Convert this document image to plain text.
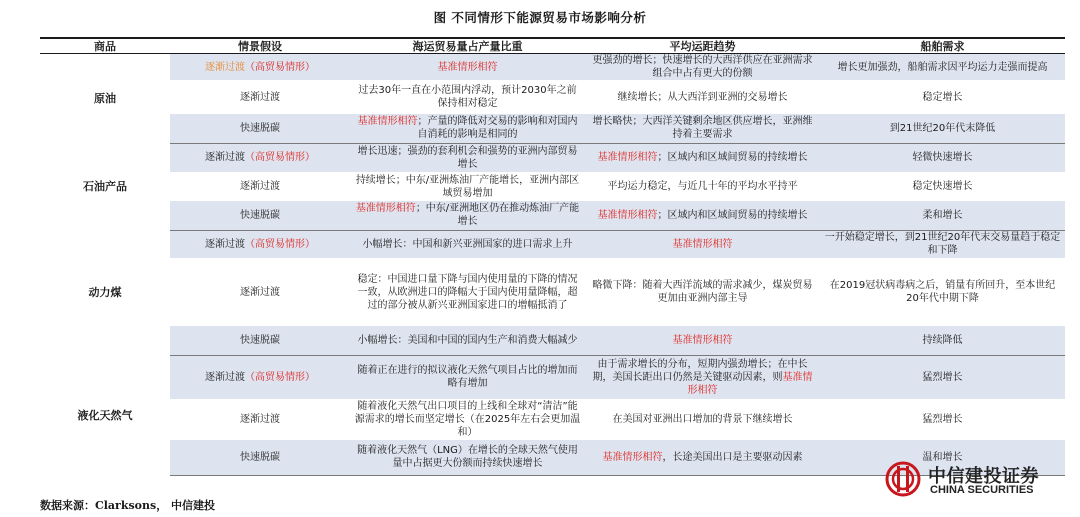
图 不同情形下能源贸易市场影响分析
商品	情景假设	海运贸易量占产量比重	平均运距趋势	船舶需求
原油	逐渐过渡（高贸易情形）	基准情形相符	更强劲的增长；快速增长的大西洋供应在亚洲需求组合中占有更大的份额	增长更加强劲，船舶需求因平均运力走强而提高
	逐渐过渡	过去30年一直在小范围内浮动，预计2030年之前保持相对稳定	继续增长；从大西洋到亚洲的交易增长	稳定增长
	快速脱碳	基准情形相符；产量的降低对交易的影响和对国内自消耗的影响是相同的	增长略快；大西洋关键剩余地区供应增长，亚洲维持着主要需求	到21世纪20年代末降低
石油产品	逐渐过渡（高贸易情形）	增长迅速；强劲的套利机会和强势的亚洲内部贸易增长	基准情形相符；区域内和区域间贸易的持续增长	轻微快速增长
	逐渐过渡	持续增长；中东/亚洲炼油厂产能增长，亚洲内部区域贸易增加	平均运力稳定，与近几十年的平均水平持平	稳定快速增长
	快速脱碳	基准情形相符；中东/亚洲地区仍在推动炼油厂产能增长	基准情形相符；区域内和区域间贸易的持续增长	柔和增长
动力煤	逐渐过渡（高贸易情形）	小幅增长：中国和新兴亚洲国家的进口需求上升	基准情形相符	一开始稳定增长，到21世纪20年代末交易量趋于稳定和下降
	逐渐过渡	稳定：中国进口量下降与国内使用量的下降的情况一致，从欧洲进口的降幅大于国内使用量降幅，超过的部分被从新兴亚洲国家进口的增幅抵消了	略微下降：随着大西洋流域的需求减少，煤炭贸易更加由亚洲内部主导	在2019冠状病毒病之后，销量有所回升，至本世纪20年代中期下降
	快速脱碳	小幅增长：美国和中国的国内生产和消费大幅减少	基准情形相符	持续降低
液化天然气	逐渐过渡（高贸易情形）	随着正在进行的拟议液化天然气项目占比的增加而略有增加	由于需求增长的分布，短期内强劲增长；在中长期，美国长距出口仍然是关键驱动因素，则基准情形相符	猛烈增长
	逐渐过渡	随着液化天然气出口项目的上线和全球对“清洁”能源需求的增长而坚定增长（在2025年左右会更加温和）	在美国对亚洲出口增加的背景下继续增长	猛烈增长
	快速脱碳	随着液化天然气（LNG）在增长的全球天然气使用量中占据更大份额而持续快速增长	基准情形相符，长途美国出口是主要驱动因素	温和增长
数据来源：Clarksons， 中信建投
中信建投证券
CHINA SECURITIES
